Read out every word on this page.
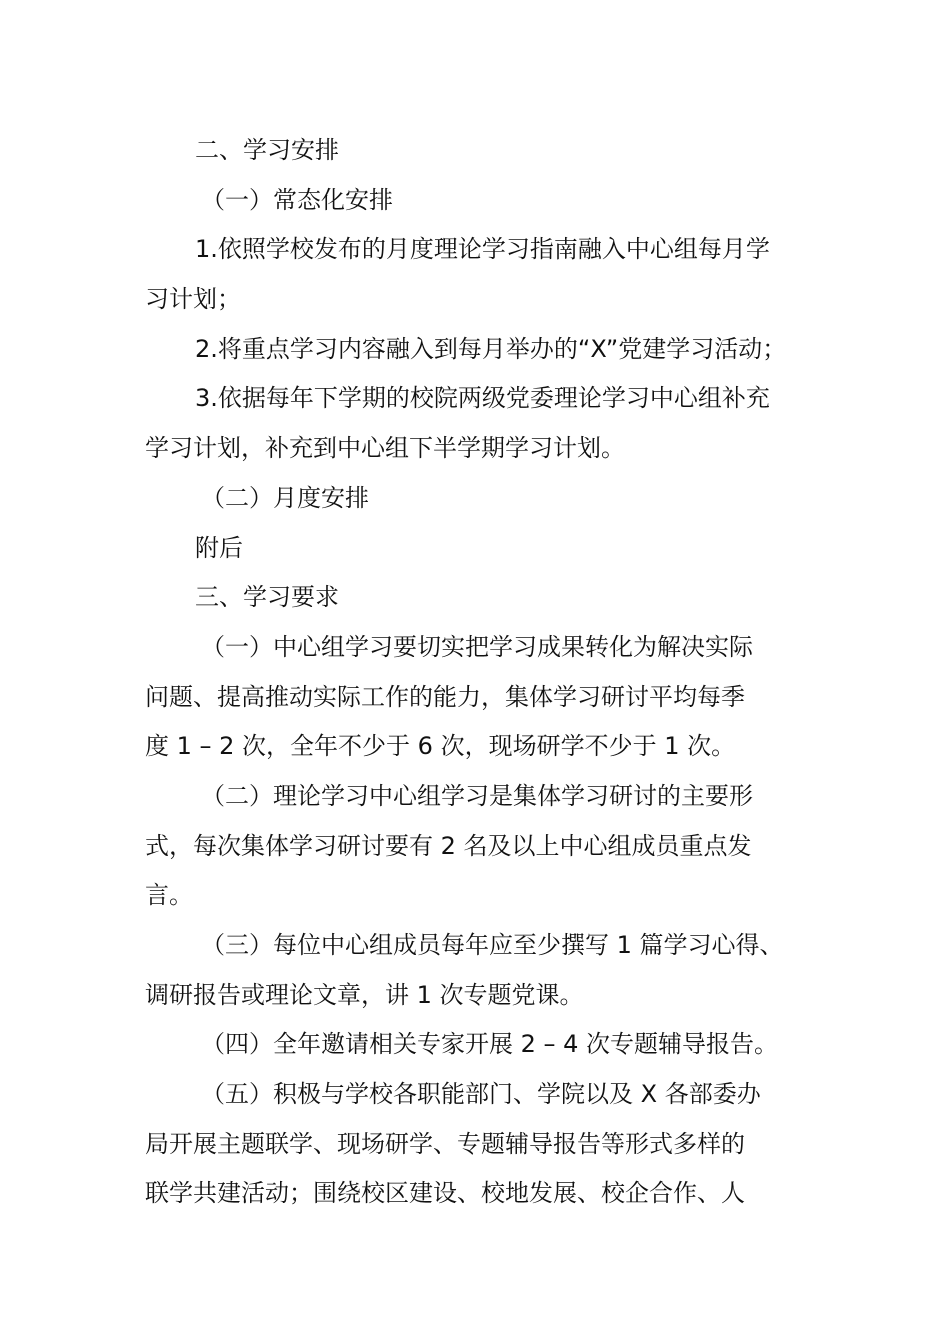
二、学习安排
（一）常态化安排
1.依照学校发布的月度理论学习指南融入中心组每月学
习计划；
2.将重点学习内容融入到每月举办的“X”党建学习活动；
3.依据每年下学期的校院两级党委理论学习中心组补充
学习计划，补充到中心组下半学期学习计划。
（二）月度安排
附后
三、学习要求
（一）中心组学习要切实把学习成果转化为解决实际
问题、提高推动实际工作的能力，集体学习研讨平均每季
度 1 – 2 次，全年不少于 6 次，现场研学不少于 1 次。
（二）理论学习中心组学习是集体学习研讨的主要形
式，每次集体学习研讨要有 2 名及以上中心组成员重点发
言。
（三）每位中心组成员每年应至少撰写 1 篇学习心得、
调研报告或理论文章，讲 1 次专题党课。
（四）全年邀请相关专家开展 2 – 4 次专题辅导报告。
（五）积极与学校各职能部门、学院以及 X 各部委办
局开展主题联学、现场研学、专题辅导报告等形式多样的
联学共建活动；围绕校区建设、校地发展、校企合作、人
